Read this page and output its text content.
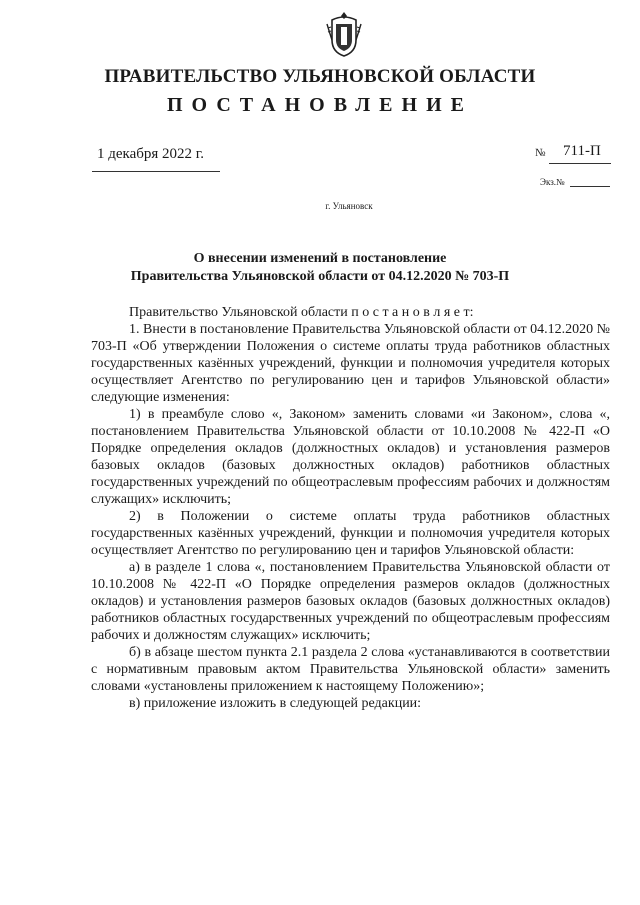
ПРАВИТЕЛЬСТВО УЛЬЯНОВСКОЙ ОБЛАСТИ
ПОСТАНОВЛЕНИЕ
1 декабря 2022 г.	№ 711-П
Экз.№
г. Ульяновск
О внесении изменений в постановление
Правительства Ульяновской области от 04.12.2020 № 703-П

Правительство Ульяновской области п о с т а н о в л я е т:

1. Внести в постановление Правительства Ульяновской области от 04.12.2020 № 703-П «Об утверждении Положения о системе оплаты труда работников областных государственных казённых учреждений, функции и полномочия учредителя которых осуществляет Агентство по регулированию цен и тарифов Ульяновской области» следующие изменения:

1) в преамбуле слово «, Законом» заменить словами «и Законом», слова «, постановлением Правительства Ульяновской области от 10.10.2008 № 422-П «О Порядке определения окладов (должностных окладов) и установления размеров базовых окладов (базовых должностных окладов) работников областных государственных учреждений по общеотраслевым профессиям рабочих и должностям служащих» исключить;

2) в Положении о системе оплаты труда работников областных государственных казённых учреждений, функции и полномочия учредителя которых осуществляет Агентство по регулированию цен и тарифов Ульяновской области:

а) в разделе 1 слова «, постановлением Правительства Ульяновской области от 10.10.2008 № 422-П «О Порядке определения размеров окладов (должностных окладов) и установления размеров базовых окладов (базовых должностных окладов) работников областных государственных учреждений по общеотраслевым профессиям рабочих и должностям служащих» исключить;

б) в абзаце шестом пункта 2.1 раздела 2 слова «устанавливаются в соответствии с нормативным правовым актом Правительства Ульяновской области» заменить словами «установлены приложением к настоящему Положению»;

в) приложение изложить в следующей редакции:
